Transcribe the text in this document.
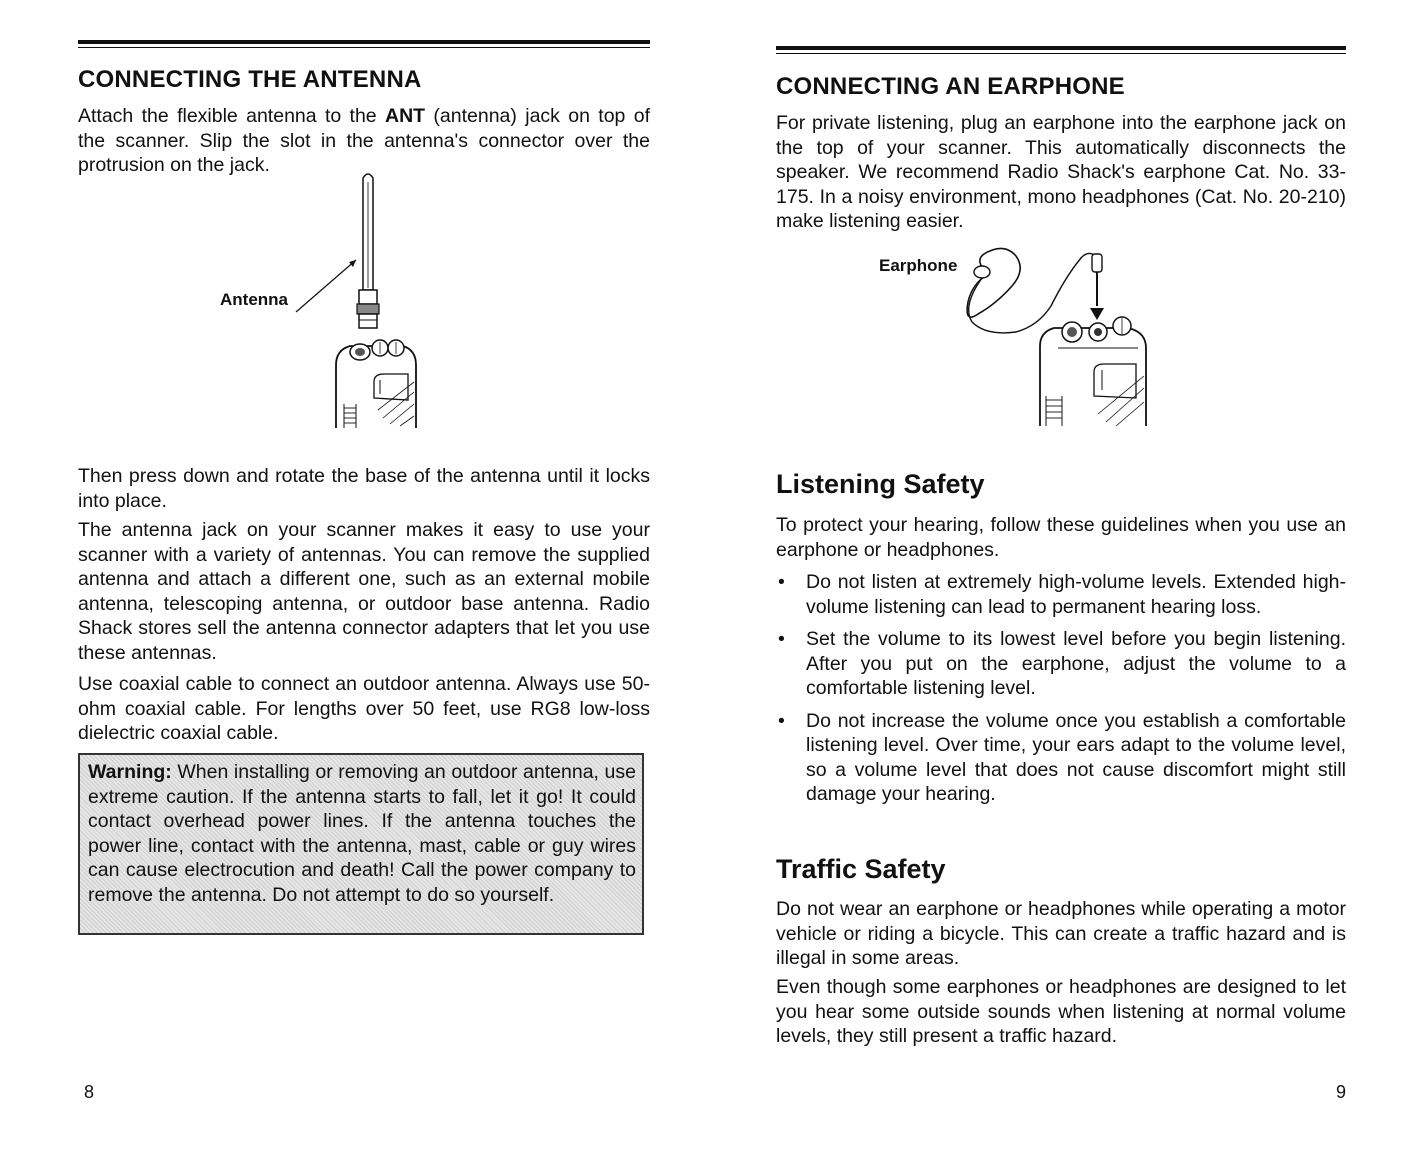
CONNECTING THE ANTENNA

Attach the flexible antenna to the ANT (antenna) jack on top of the scanner. Slip the slot in the antenna's connector over the protrusion on the jack.

Antenna

Then press down and rotate the base of the antenna until it locks into place.

The antenna jack on your scanner makes it easy to use your scanner with a variety of antennas. You can remove the supplied antenna and attach a different one, such as an external mobile antenna, telescoping antenna, or outdoor base antenna. Radio Shack stores sell the antenna connector adapters that let you use these antennas.

Use coaxial cable to connect an outdoor antenna. Always use 50-ohm coaxial cable. For lengths over 50 feet, use RG8 low-loss dielectric coaxial cable.

Warning: When installing or removing an outdoor antenna, use extreme caution. If the antenna starts to fall, let it go! It could contact overhead power lines. If the antenna touches the power line, contact with the antenna, mast, cable or guy wires can cause electrocution and death! Call the power company to remove the antenna. Do not attempt to do so yourself.
8
CONNECTING AN EARPHONE

For private listening, plug an earphone into the earphone jack on the top of your scanner. This automatically disconnects the speaker. We recommend Radio Shack's earphone Cat. No. 33-175. In a noisy environment, mono headphones (Cat. No. 20-210) make listening easier.

Earphone
Listening Safety

To protect your hearing, follow these guidelines when you use an earphone or headphones.

• Do not listen at extremely high-volume levels. Extended high-volume listening can lead to permanent hearing loss.
• Set the volume to its lowest level before you begin listening. After you put on the earphone, adjust the volume to a comfortable listening level.
• Do not increase the volume once you establish a comfortable listening level. Over time, your ears adapt to the volume level, so a volume level that does not cause discomfort might still damage your hearing.
Traffic Safety

Do not wear an earphone or headphones while operating a motor vehicle or riding a bicycle. This can create a traffic hazard and is illegal in some areas.

Even though some earphones or headphones are designed to let you hear some outside sounds when listening at normal volume levels, they still present a traffic hazard.

9
